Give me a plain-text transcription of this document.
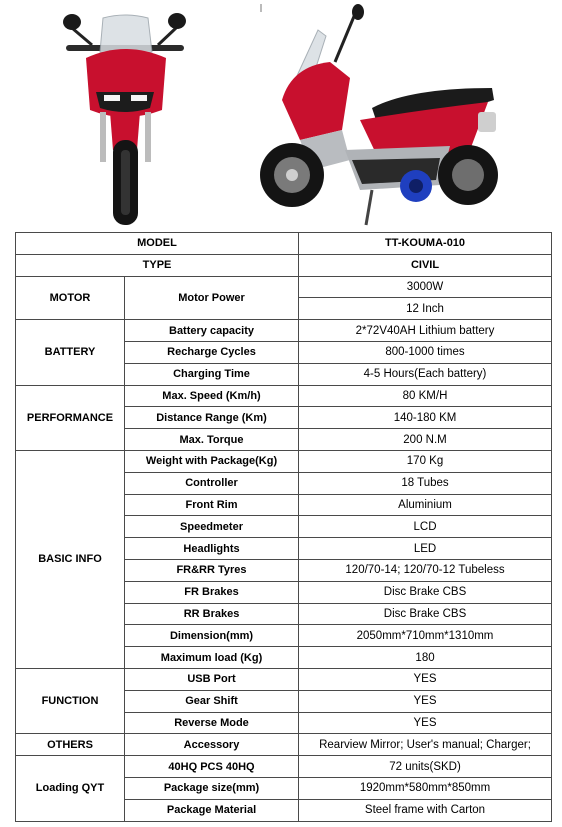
MODEL		TT-KOUMA-010
TYPE		CIVIL
MOTOR	Motor Power	3000W
		12 Inch
BATTERY	Battery capacity	2*72V40AH Lithium battery
	Recharge Cycles	800-1000 times
	Charging Time	4-5 Hours(Each battery)
PERFORMANCE	Max. Speed (Km/h)	80 KM/H
	Distance Range (Km)	140-180 KM
	Max. Torque	200 N.M
BASIC INFO	Weight with Package(Kg)	170 Kg
	Controller	18 Tubes
	Front Rim	Aluminium
	Speedmeter	LCD
	Headlights	LED
	FR&RR Tyres	120/70-14; 120/70-12 Tubeless
	FR Brakes	Disc Brake CBS
	RR Brakes	Disc Brake CBS
	Dimension(mm)	2050mm*710mm*1310mm
	Maximum load (Kg)	180
FUNCTION	USB Port	YES
	Gear Shift	YES
	Reverse Mode	YES
OTHERS	Accessory	Rearview Mirror; User's manual; Charger;
Loading QYT	40HQ PCS 40HQ	72 units(SKD)
	Package size(mm)	1920mm*580mm*850mm
	Package Material	Steel frame with Carton
